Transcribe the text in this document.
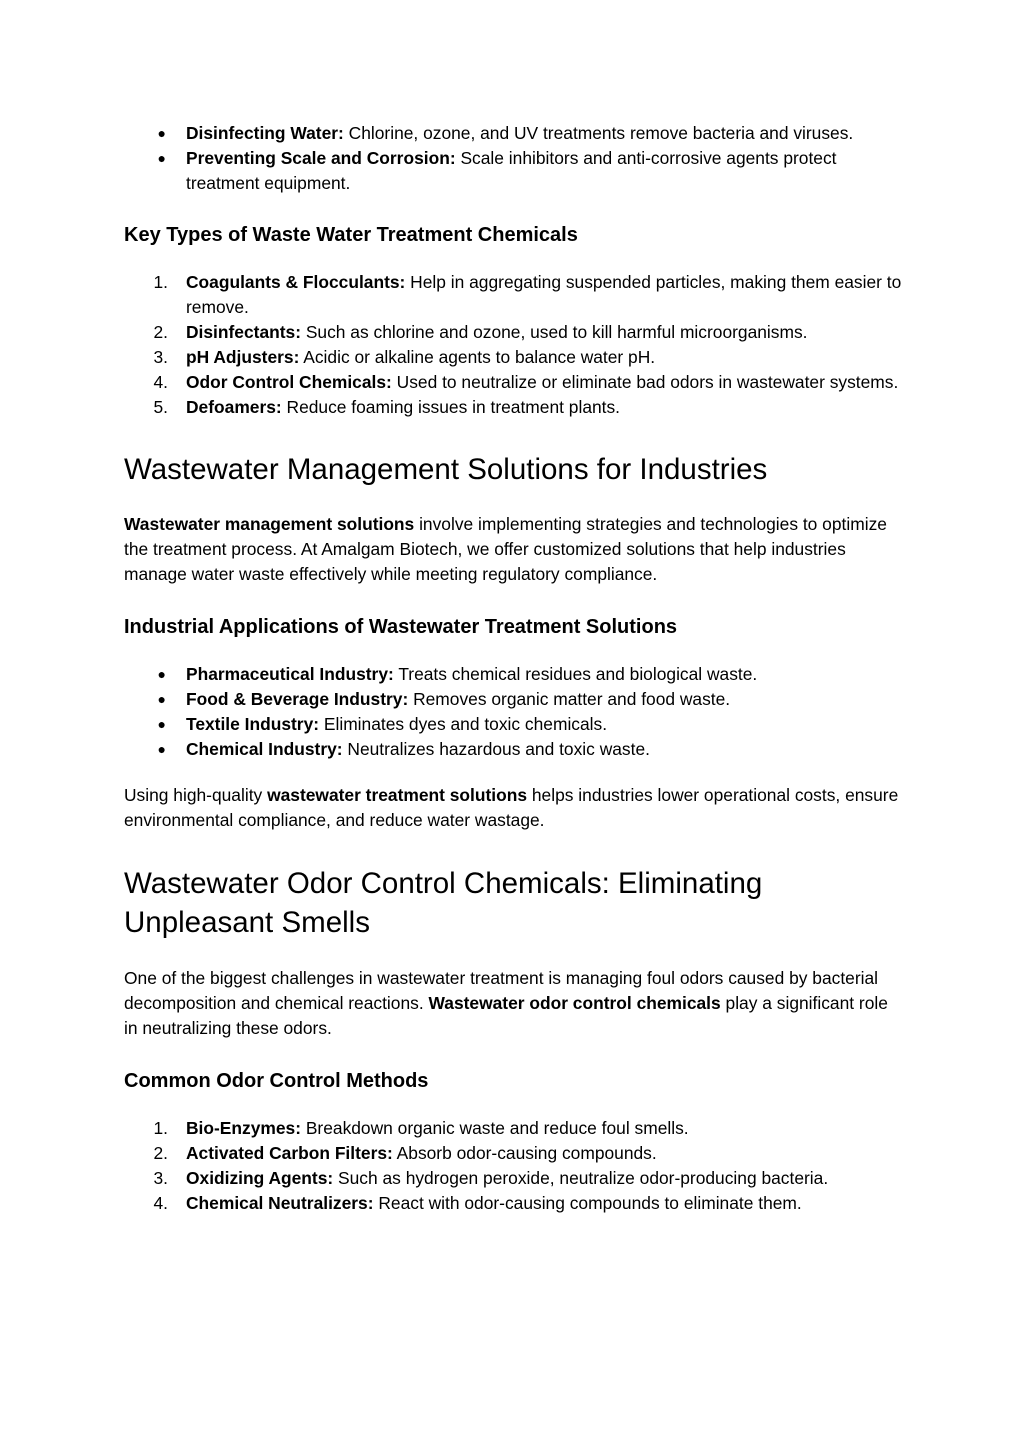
● Disinfecting Water: Chlorine, ozone, and UV treatments remove bacteria and viruses.
● Preventing Scale and Corrosion: Scale inhibitors and anti-corrosive agents protect treatment equipment.
Key Types of Waste Water Treatment Chemicals
1. Coagulants & Flocculants: Help in aggregating suspended particles, making them easier to remove.
2. Disinfectants: Such as chlorine and ozone, used to kill harmful microorganisms.
3. pH Adjusters: Acidic or alkaline agents to balance water pH.
4. Odor Control Chemicals: Used to neutralize or eliminate bad odors in wastewater systems.
5. Defoamers: Reduce foaming issues in treatment plants.
Wastewater Management Solutions for Industries

Wastewater management solutions involve implementing strategies and technologies to optimize the treatment process. At Amalgam Biotech, we offer customized solutions that help industries manage water waste effectively while meeting regulatory compliance.

Industrial Applications of Wastewater Treatment Solutions
● Pharmaceutical Industry: Treats chemical residues and biological waste.
● Food & Beverage Industry: Removes organic matter and food waste.
● Textile Industry: Eliminates dyes and toxic chemicals.
● Chemical Industry: Neutralizes hazardous and toxic waste.

Using high-quality wastewater treatment solutions helps industries lower operational costs, ensure environmental compliance, and reduce water wastage.

Wastewater Odor Control Chemicals: Eliminating Unpleasant Smells

One of the biggest challenges in wastewater treatment is managing foul odors caused by bacterial decomposition and chemical reactions. Wastewater odor control chemicals play a significant role in neutralizing these odors.

Common Odor Control Methods
1. Bio-Enzymes: Breakdown organic waste and reduce foul smells.
2. Activated Carbon Filters: Absorb odor-causing compounds.
3. Oxidizing Agents: Such as hydrogen peroxide, neutralize odor-producing bacteria.
4. Chemical Neutralizers: React with odor-causing compounds to eliminate them.
